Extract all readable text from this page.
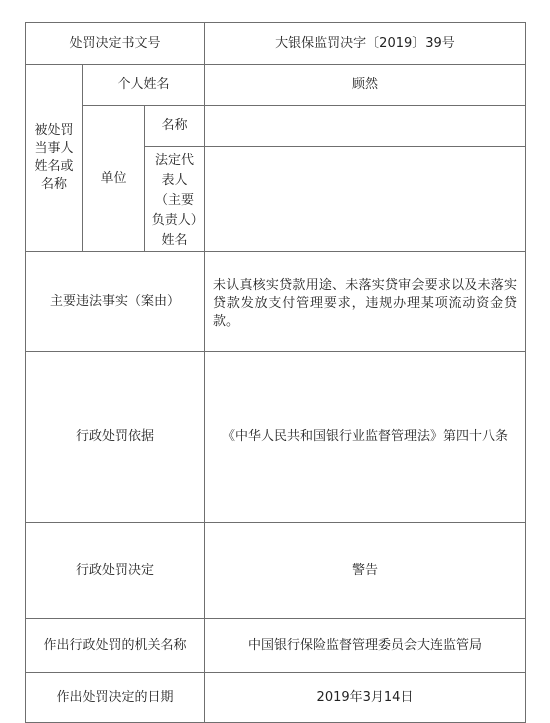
处罚决定书文号			大银保监罚决字〔2019〕39号
被处罚当事人姓名或名称	个人姓名		顾然
	单位	名称	

		法定代表人（主要负责人）姓名	

主要违法事实（案由）			未认真核实贷款用途、未落实贷审会要求以及未落实贷款发放支付管理要求，违规办理某项流动资金贷款。

行政处罚依据			《中华人民共和国银行业监督管理法》第四十八条
行政处罚决定			警告
作出行政处罚的机关名称			中国银行保险监督管理委员会大连监管局
作出处罚决定的日期			2019年3月14日
